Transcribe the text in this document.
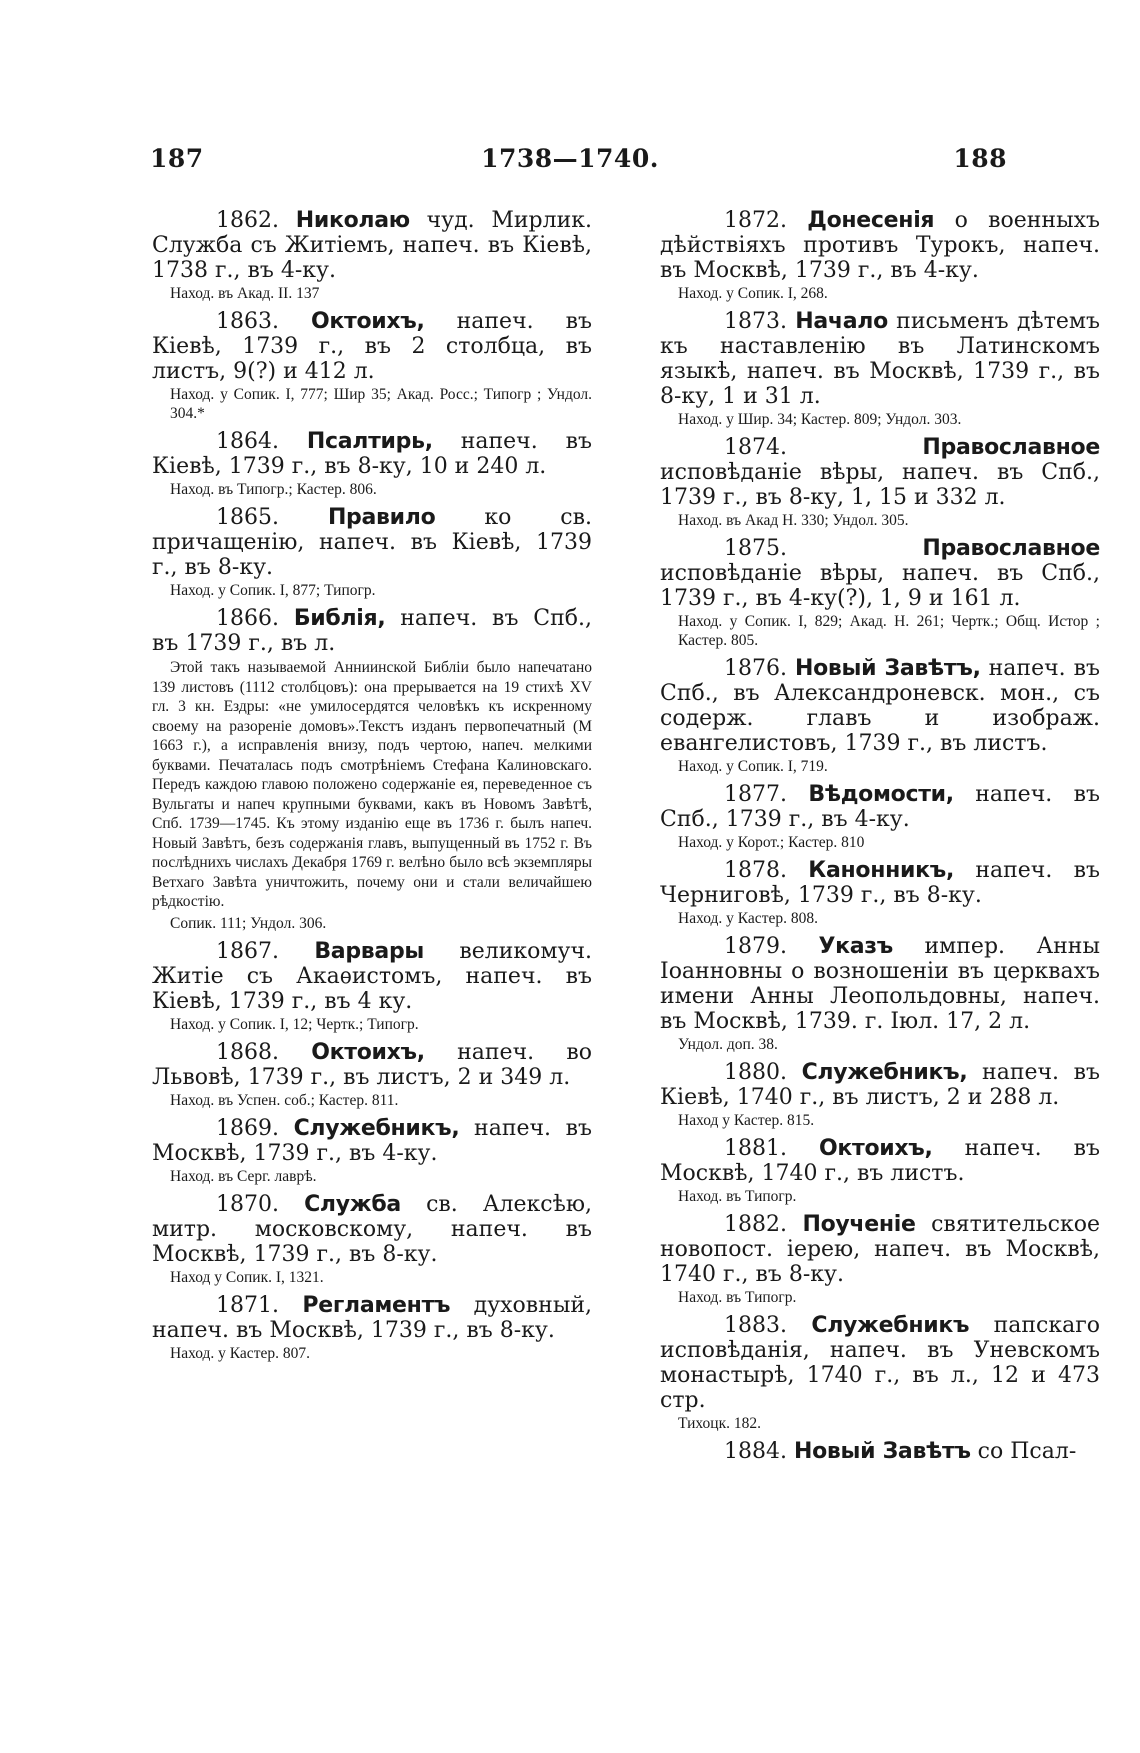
187	1738—1740.	188

1862. Николаю чуд. Мирлик. Служба съ Житіемъ, напеч. въ Кіевѣ, 1738 г., въ 4-ку.

Наход. въ Акад. II. 137

1863. Октоихъ, напеч. въ Кіевѣ, 1739 г., въ 2 столбца, въ листъ, 9(?) и 412 л.

Наход. у Сопик. I, 777; Шир 35; Акад. Росс.; Типогр ; Ундол. 304.*

1864. Псалтирь, напеч. въ Кіевѣ, 1739 г., въ 8-ку, 10 и 240 л.

Наход. въ Типогр.; Кастер. 806.

1865. Правило ко св. причащенію, напеч. въ Кіевѣ, 1739 г., въ 8-ку.

Наход. у Сопик. I, 877; Типогр.

1866. Библія, напеч. въ Спб., въ 1739 г., въ л.

Этой такъ называемой Анниинской Библіи было напечатано 139 листовъ (1112 столбцовъ): она прерывается на 19 стихѣ XV гл. 3 кн. Ездры: «не умилосердятся человѣкъ къ искренному своему на разореніе домовъ».Текстъ изданъ первопечатный (М 1663 г.), а исправленія внизу, подъ чертою, напеч. мелкими буквами. Печаталась подъ смотрѣніемъ Стефана Калиновскаго. Передъ каждою главою положено содержаніе ея, переведенное съ Вульгаты и напеч крупными буквами, какъ въ Новомъ Завѣтѣ, Спб. 1739—1745. Къ этому изданію еще въ 1736 г. былъ напеч. Новый Завѣтъ, безъ содержанія главъ, выпущенный въ 1752 г. Въ послѣднихъ числахъ Декабря 1769 г. велѣно было всѣ экземпляры Ветхаго Завѣта уничтожить, почему они и стали величайшею рѣдкостію.

Сопик. 111; Ундол. 306.

1867. Варвары великомуч. Житіе съ Акаѳистомъ, напеч. въ Кіевѣ, 1739 г., въ 4 ку.

Наход. у Сопик. I, 12; Чертк.; Типогр.

1868. Октоихъ, напеч. во Львовѣ, 1739 г., въ листъ, 2 и 349 л.

Наход. въ Успен. соб.; Кастер. 811.

1869. Служебникъ, напеч. въ Москвѣ, 1739 г., въ 4-ку.

Наход. въ Серг. лаврѣ.

1870. Служба св. Алексѣю, митр. московскому, напеч. въ Москвѣ, 1739 г., въ 8-ку.

Наход у Сопик. I, 1321.

1871. Регламентъ духовный, напеч. въ Москвѣ, 1739 г., въ 8-ку.

Наход. у Кастер. 807.

1872. Донесенія о военныхъ дѣйствіяхъ противъ Турокъ, напеч. въ Москвѣ, 1739 г., въ 4-ку.

Наход. у Сопик. I, 268.

1873. Начало письменъ дѣтемъ къ наставленію въ Латинскомъ языкѣ, напеч. въ Москвѣ, 1739 г., въ 8-ку, 1 и 31 л.

Наход. у Шир. 34; Кастер. 809; Ундол. 303.

1874.	Православное исповѣданіе вѣры, напеч. въ Спб., 1739 г., въ 8-ку, 1, 15 и 332 л.

Наход. въ Акад Н. 330; Ундол. 305.

1875.	Православное исповѣданіе вѣры, напеч. въ Спб., 1739 г., въ 4-ку(?), 1, 9 и 161 л.

Наход. у Сопик. I, 829; Акад. Н. 261; Чертк.; Общ. Истор ; Кастер. 805.

1876. Новый Завѣтъ, напеч. въ Спб., въ Александроневск. мон., съ содерж. главъ и изображ. евангелистовъ, 1739 г., въ листъ.

Наход. у Сопик. I, 719.

1877. Вѣдомости, напеч. въ Спб., 1739 г., въ 4-ку.

Наход. у Корот.; Кастер. 810

1878. Канонникъ, напеч. въ Черниговѣ, 1739 г., въ 8-ку.

Наход. у Кастер. 808.

1879. Указъ импер. Анны Іоанновны о возношеніи въ церквахъ имени Анны Леопольдовны, напеч. въ Москвѣ, 1739. г. Іюл. 17, 2 л.

Ундол. доп. 38.

1880. Служебникъ, напеч. въ Кіевѣ, 1740 г., въ листъ, 2 и 288 л.

Наход у Кастер. 815.

1881. Октоихъ, напеч. въ Москвѣ, 1740 г., въ листъ.

Наход. въ Типогр.

1882. Поученіе святительское новопост. іерею, напеч. въ Москвѣ, 1740 г., въ 8-ку.

Наход. въ Типогр.

1883. Служебникъ папскаго исповѣданія, напеч. въ Уневскомъ монастырѣ, 1740 г., въ л., 12 и 473 стр.

Тихоцк. 182.

1884. Новый Завѣтъ со Псал-
